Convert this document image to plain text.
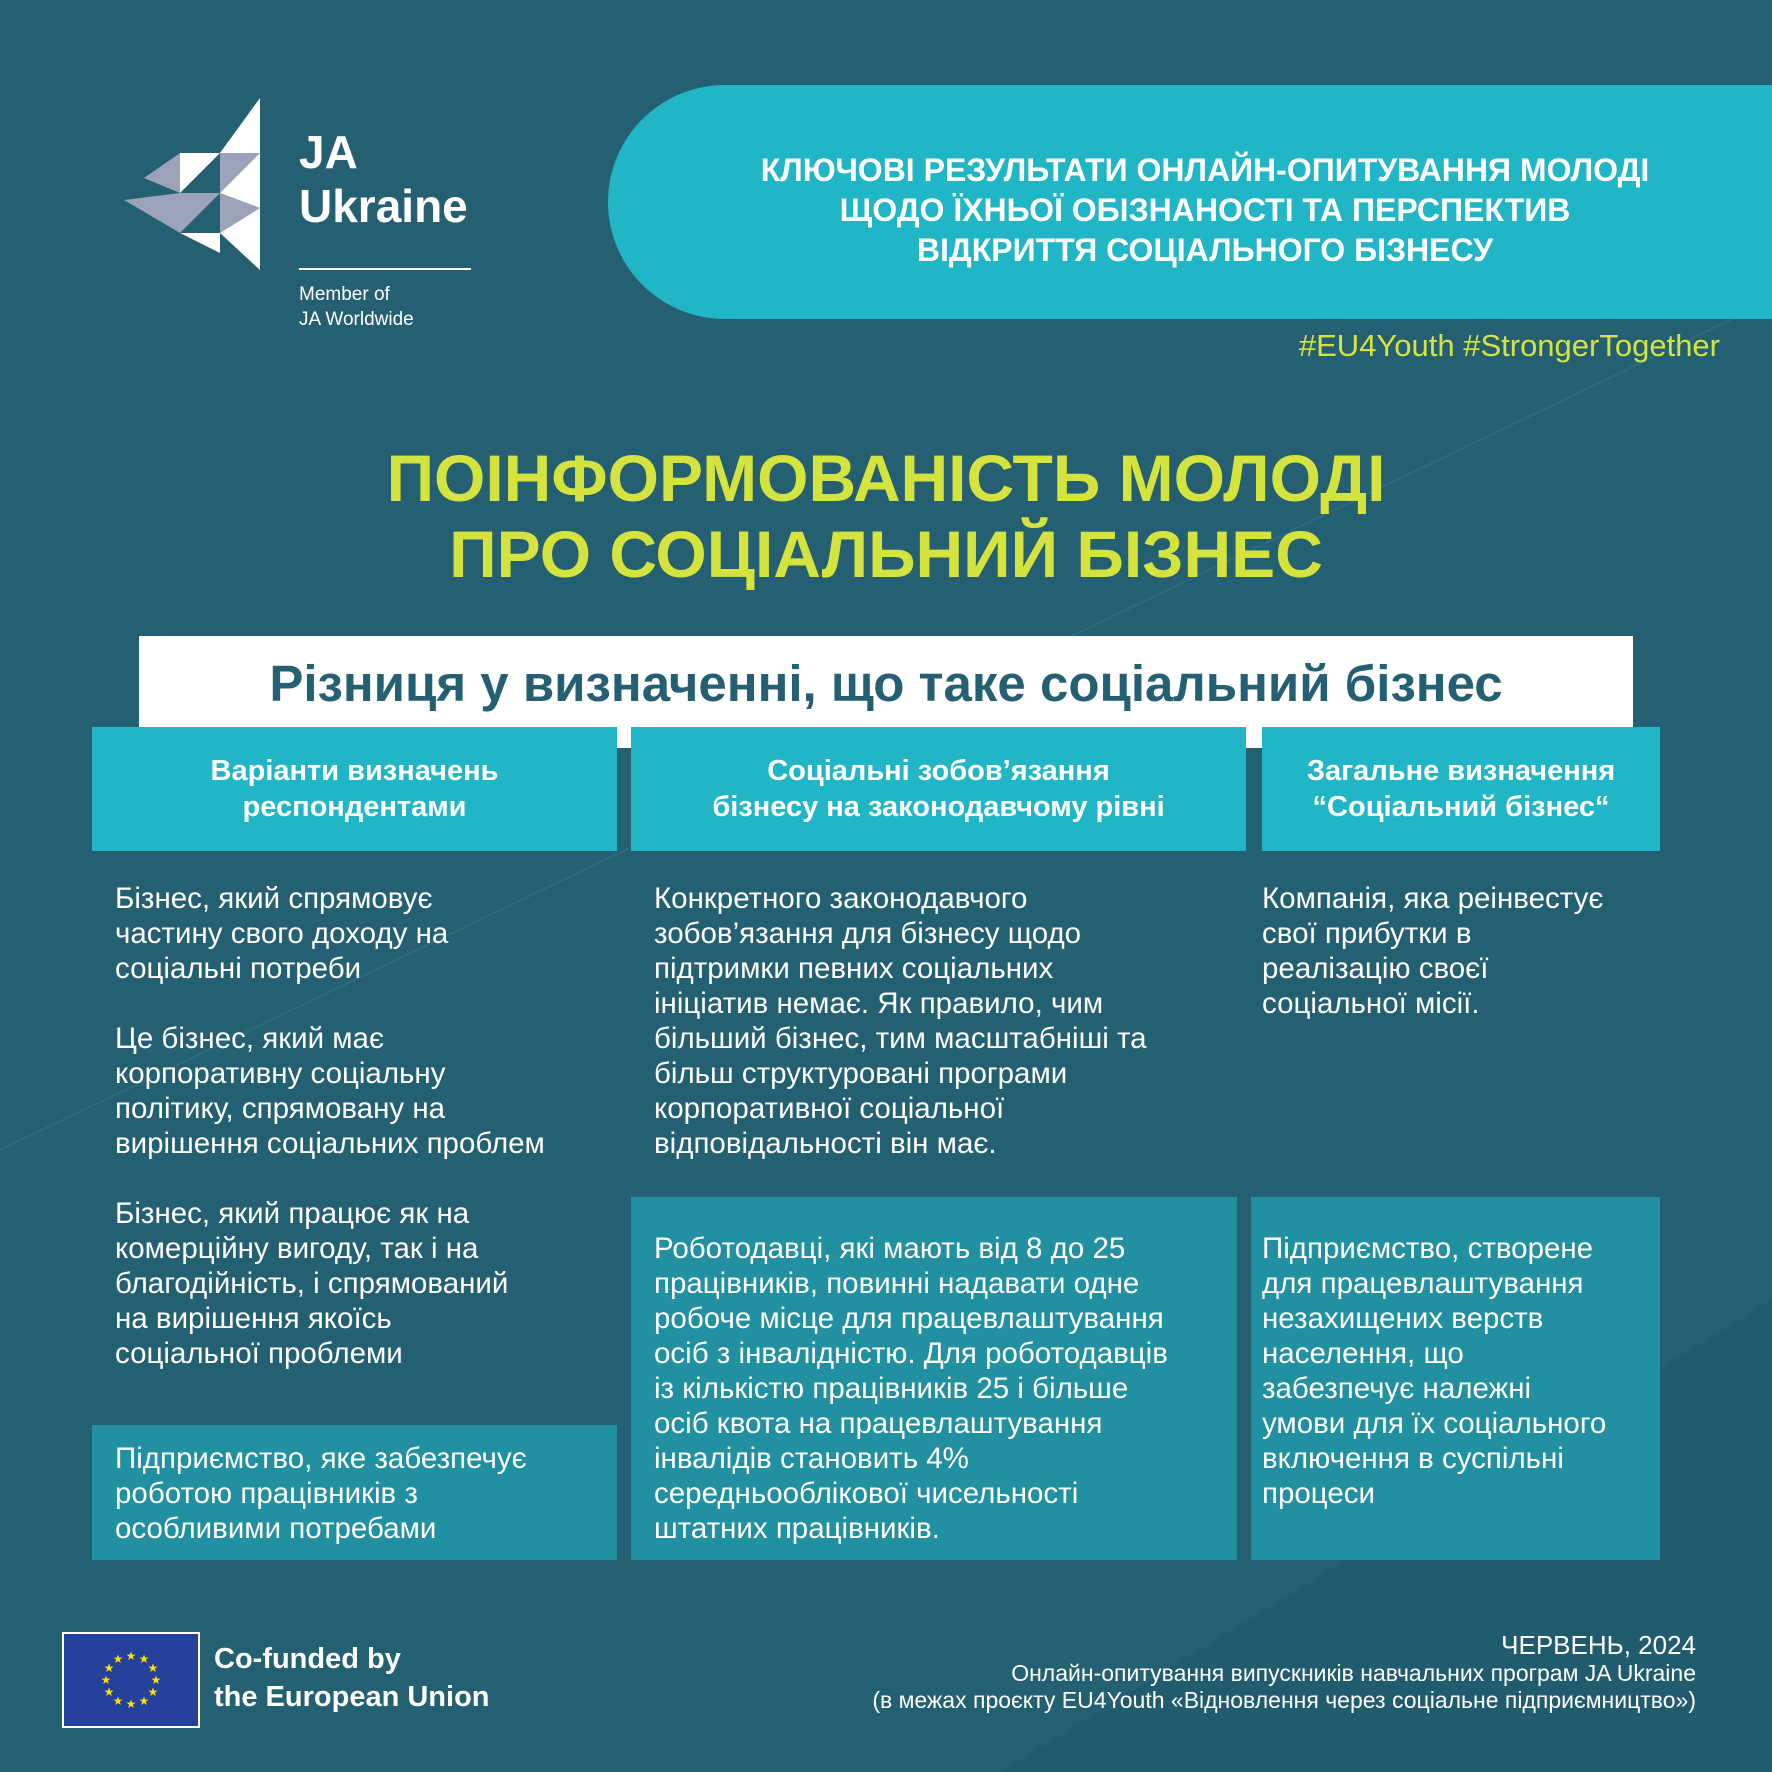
JA
Ukraine
Member of
JA Worldwide
КЛЮЧОВІ РЕЗУЛЬТАТИ ОНЛАЙН-ОПИТУВАННЯ МОЛОДІ
ЩОДО ЇХНЬОЇ ОБІЗНАНОСТІ ТА ПЕРСПЕКТИВ
ВІДКРИТТЯ СОЦІАЛЬНОГО БІЗНЕСУ
#EU4Youth #StrongerTogether
ПОІНФОРМОВАНІСТЬ МОЛОДІ
ПРО СОЦІАЛЬНИЙ БІЗНЕС
Різниця у визначенні, що таке соціальний бізнес
Варіанти визначень
респондентами
Соціальні зобов’язання
бізнесу на законодавчому рівні
Загальне визначення
“Соціальний бізнес“
Бізнес, який спрямовує
частину свого доходу на
соціальні потреби
Це бізнес, який має
корпоративну соціальну
політику, спрямовану на
вирішення соціальних проблем
Бізнес, який працює як на
комерційну вигоду, так і на
благодійність, і спрямований
на вирішення якоїсь
соціальної проблеми
Підприємство, яке забезпечує
роботою працівників з
особливими потребами
Конкретного законодавчого
зобов’язання для бізнесу щодо
підтримки певних соціальних
ініціатив немає. Як правило, чим
більший бізнес, тим масштабніші та
більш структуровані програми
корпоративної соціальної
відповідальності він має.
Роботодавці, які мають від 8 до 25
працівників, повинні надавати одне
робоче місце для працевлаштування
осіб з інвалідністю. Для роботодавців
із кількістю працівників 25 і більше
осіб квота на працевлаштування
інвалідів становить 4%
середньооблікової чисельності
штатних працівників.
Компанія, яка реінвестує
свої прибутки в
реалізацію своєї
соціальної місії.
Підприємство, створене
для працевлаштування
незахищених верств
населення, що
забезпечує належні
умови для їх соціального
включення в суспільні
процеси
★ ★
★
★
★
★
★
★
★
★
★
★	Co-funded by
the European Union
ЧЕРВЕНЬ, 2024
Онлайн-опитування випускників навчальних програм JA Ukraine
(в межах проєкту EU4Youth «Відновлення через соціальне підприємництво»)
